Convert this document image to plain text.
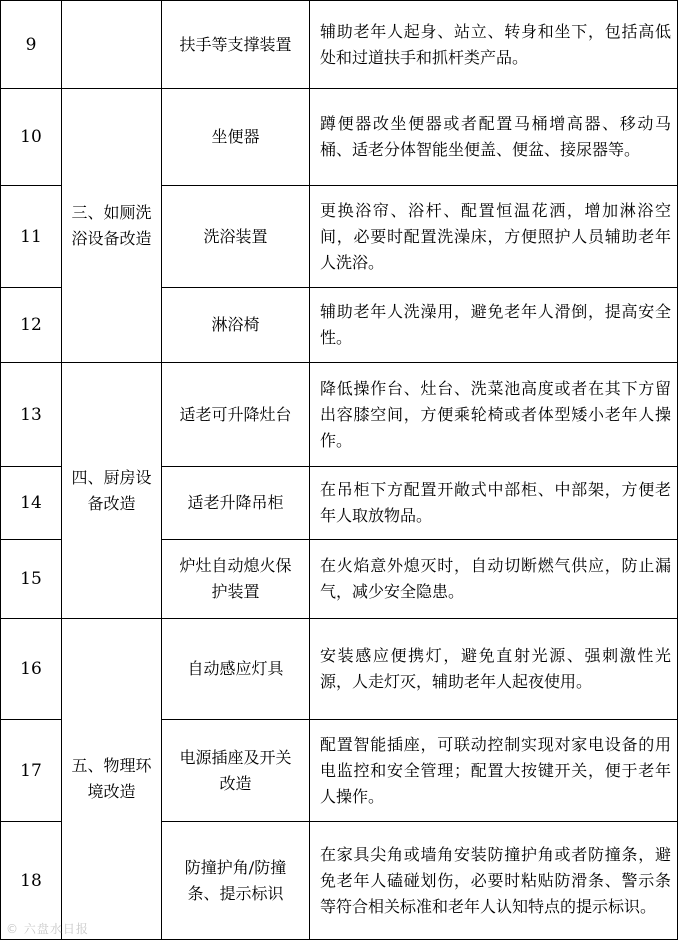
9		扶手等支撑装置	辅助老年人起身、站立、转身和坐下，包括高低处和过道扶手和抓杆类产品。
10	三、如厕洗浴设备改造	坐便器	蹲便器改坐便器或者配置马桶增高器、移动马桶、适老分体智能坐便盖、便盆、接尿器等。
11		洗浴装置	更换浴帘、浴杆、配置恒温花洒，增加淋浴空间，必要时配置洗澡床，方便照护人员辅助老年人洗浴。
12		淋浴椅	辅助老年人洗澡用，避免老年人滑倒，提高安全性。
13	四、厨房设备改造	适老可升降灶台	降低操作台、灶台、洗菜池高度或者在其下方留出容膝空间，方便乘轮椅或者体型矮小老年人操作。
14		适老升降吊柜	在吊柜下方配置开敞式中部柜、中部架，方便老年人取放物品。
15		炉灶自动熄火保护装置	在火焰意外熄灭时，自动切断燃气供应，防止漏气，减少安全隐患。
16	五、物理环境改造	自动感应灯具	安装感应便携灯，避免直射光源、强刺激性光源，人走灯灭，辅助老年人起夜使用。
17		电源插座及开关改造	配置智能插座，可联动控制实现对家电设备的用电监控和安全管理；配置大按键开关，便于老年人操作。
18		防撞护角/防撞条、提示标识	在家具尖角或墙角安装防撞护角或者防撞条，避免老年人磕碰划伤，必要时粘贴防滑条、警示条等符合相关标准和老年人认知特点的提示标识。
© 六盘水日报
